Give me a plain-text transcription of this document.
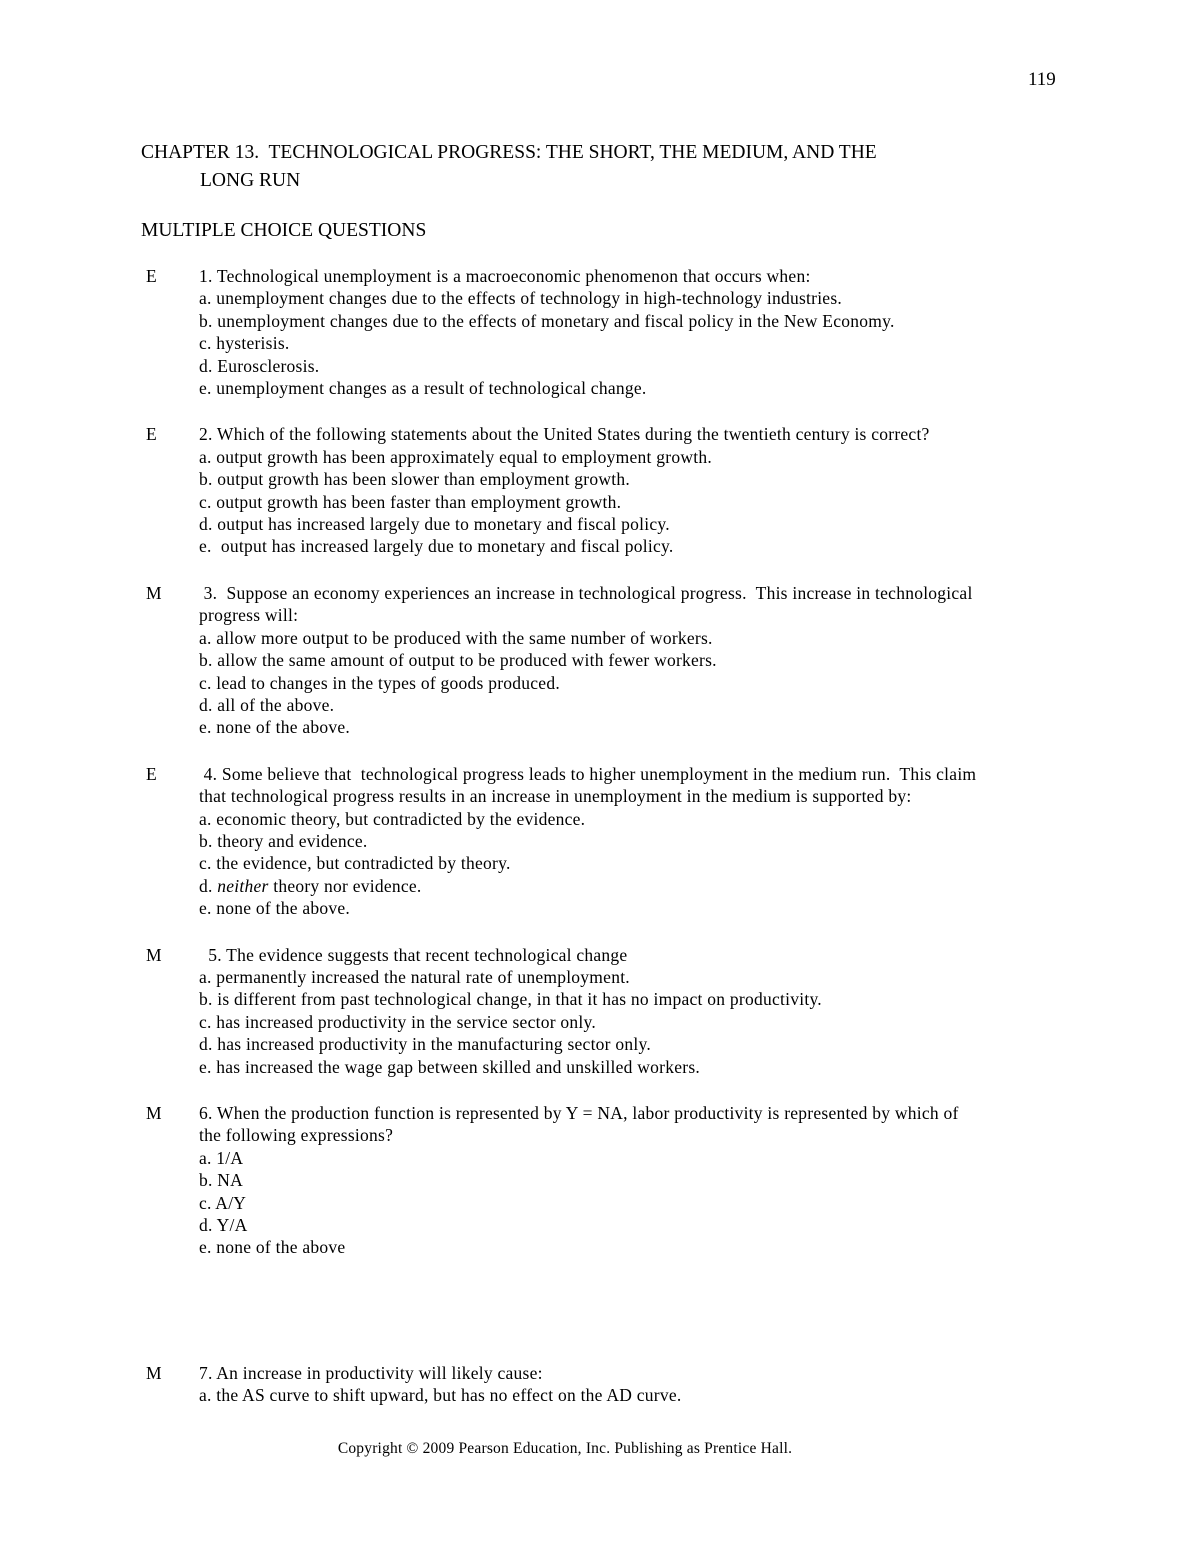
119
CHAPTER 13.  TECHNOLOGICAL PROGRESS: THE SHORT, THE MEDIUM, AND THE
LONG RUN
MULTIPLE CHOICE QUESTIONS
E	1. Technological unemployment is a macroeconomic phenomenon that occurs when:
a. unemployment changes due to the effects of technology in high-technology industries.
b. unemployment changes due to the effects of monetary and fiscal policy in the New Economy.
c. hysterisis.
d. Eurosclerosis.
e. unemployment changes as a result of technological change.
E	2. Which of the following statements about the United States during the twentieth century is correct?
a. output growth has been approximately equal to employment growth.
b. output growth has been slower than employment growth.
c. output growth has been faster than employment growth.
d. output has increased largely due to monetary and fiscal policy.
e.  output has increased largely due to monetary and fiscal policy.
M	3.  Suppose an economy experiences an increase in technological progress.  This increase in technological
progress will:
a. allow more output to be produced with the same number of workers.
b. allow the same amount of output to be produced with fewer workers.
c. lead to changes in the types of goods produced.
d. all of the above.
e. none of the above.
E	4. Some believe that  technological progress leads to higher unemployment in the medium run.  This claim
that technological progress results in an increase in unemployment in the medium is supported by:
a. economic theory, but contradicted by the evidence.
b. theory and evidence.
c. the evidence, but contradicted by theory.
d. neither theory nor evidence.
e. none of the above.
M	5. The evidence suggests that recent technological change
a. permanently increased the natural rate of unemployment.
b. is different from past technological change, in that it has no impact on productivity.
c. has increased productivity in the service sector only.
d. has increased productivity in the manufacturing sector only.
e. has increased the wage gap between skilled and unskilled workers.
M	6. When the production function is represented by Y = NA, labor productivity is represented by which of
the following expressions?
a. 1/A
b. NA
c. A/Y
d. Y/A
e. none of the above
M	7. An increase in productivity will likely cause:
a. the AS curve to shift upward, but has no effect on the AD curve.
Copyright © 2009 Pearson Education, Inc. Publishing as Prentice Hall.
